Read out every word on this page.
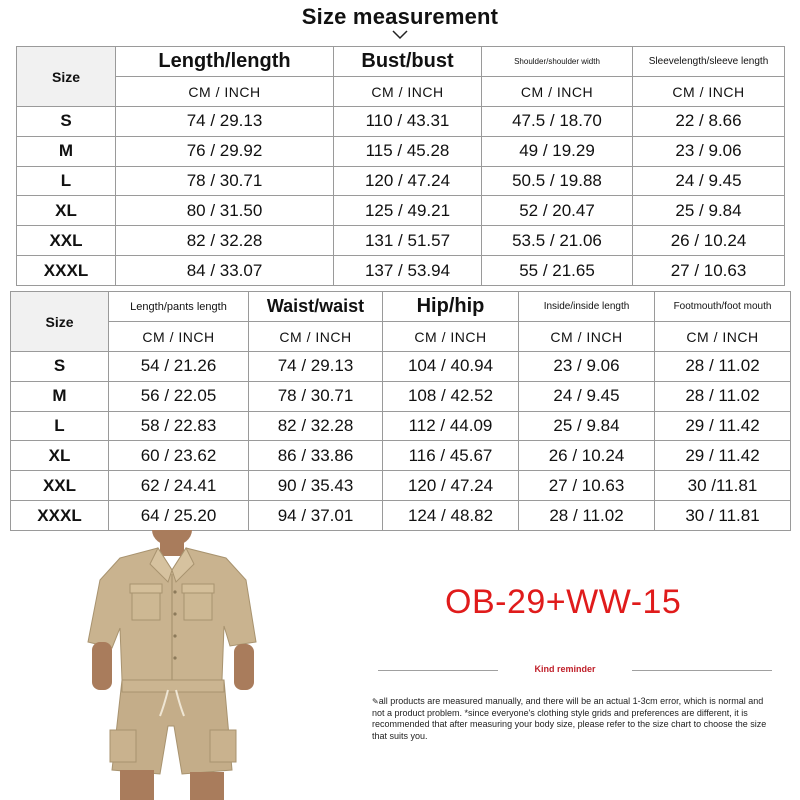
Size measurement
Size	Length/length	Bust/bust	Shoulder/shoulder width	Sleevelength/sleeve length
	CM / INCH	CM / INCH	CM / INCH	CM / INCH
S	74 / 29.13	110 / 43.31	47.5 / 18.70	22 / 8.66
M	76 / 29.92	115 / 45.28	49 / 19.29	23 / 9.06
L	78 / 30.71	120 / 47.24	50.5 / 19.88	24 / 9.45
XL	80 / 31.50	125 / 49.21	52 / 20.47	25 / 9.84
XXL	82 / 32.28	131 / 51.57	53.5 / 21.06	26 / 10.24
XXXL	84 / 33.07	137 / 53.94	55 / 21.65	27 / 10.63
Size	Length/pants length	Waist/waist	Hip/hip	Inside/inside length	Footmouth/foot mouth
	CM / INCH	CM / INCH	CM / INCH	CM / INCH	CM / INCH
S	54 / 21.26	74 / 29.13	104 / 40.94	23 / 9.06	28 / 11.02
M	56 / 22.05	78 / 30.71	108 / 42.52	24 / 9.45	28 / 11.02
L	58 / 22.83	82 / 32.28	112 / 44.09	25 / 9.84	29 / 11.42
XL	60 / 23.62	86 / 33.86	116 / 45.67	26 / 10.24	29 / 11.42
XXL	62 / 24.41	90 / 35.43	120 / 47.24	27 / 10.63	30 /11.81
XXXL	64 / 25.20	94 / 37.01	124 / 48.82	28 / 11.02	30 / 11.81
OB-29+WW-15
Kind reminder
✎all products are measured manually, and there will be an actual 1-3cm error, which is normal and not a product problem. *since everyone's clothing style grids and preferences are different, it is recommended that after measuring your body size, please refer to the size chart to choose the size that suits you.
